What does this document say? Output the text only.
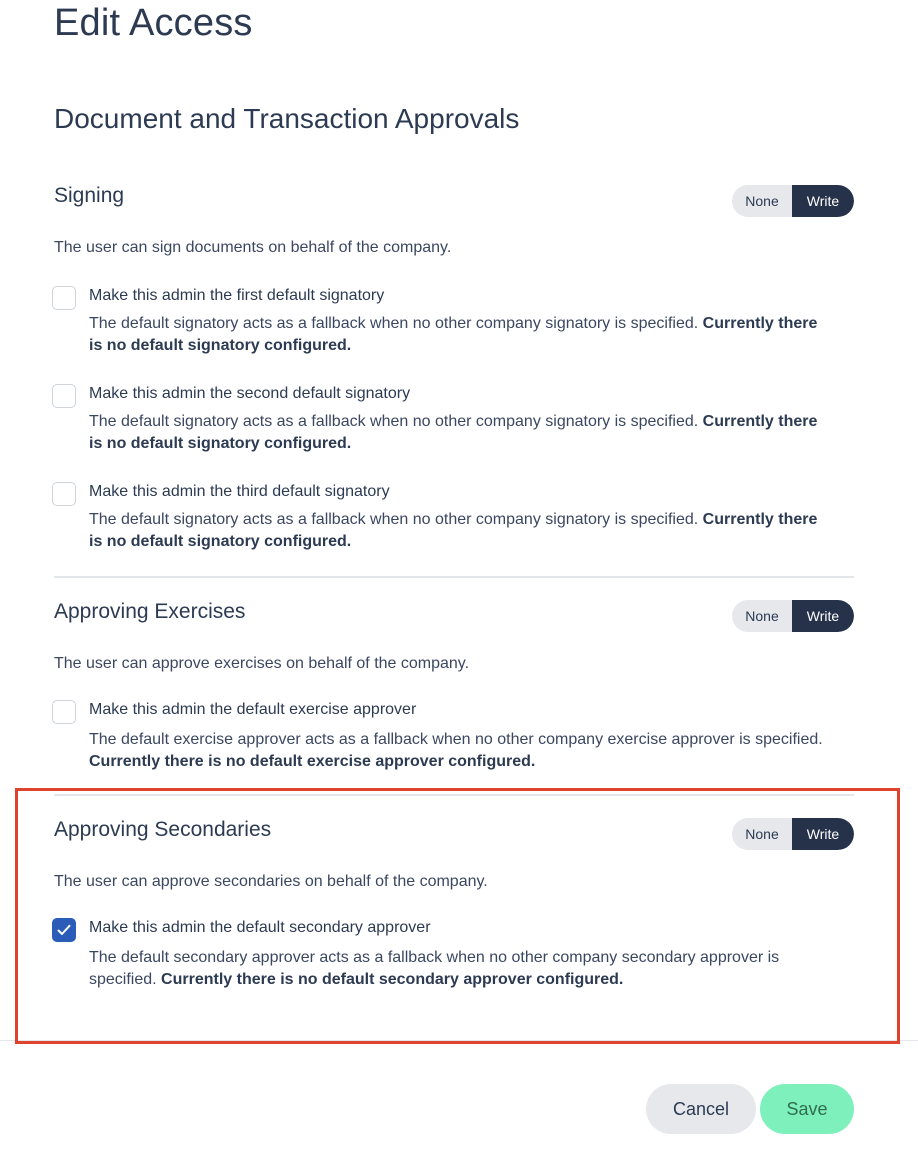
Edit Access
Document and Transaction Approvals
Signing	None	Write
The user can sign documents on behalf of the company.
Make this admin the first default signatory
The default signatory acts as a fallback when no other company signatory is specified. Currently there is no default signatory configured.
Make this admin the second default signatory
The default signatory acts as a fallback when no other company signatory is specified. Currently there is no default signatory configured.
Make this admin the third default signatory
The default signatory acts as a fallback when no other company signatory is specified. Currently there is no default signatory configured.
Approving Exercises	None	Write
The user can approve exercises on behalf of the company.
Make this admin the default exercise approver
The default exercise approver acts as a fallback when no other company exercise approver is specified. Currently there is no default exercise approver configured.
Approving Secondaries	None	Write
The user can approve secondaries on behalf of the company.
Make this admin the default secondary approver
The default secondary approver acts as a fallback when no other company secondary approver is specified. Currently there is no default secondary approver configured.
Cancel	Save
